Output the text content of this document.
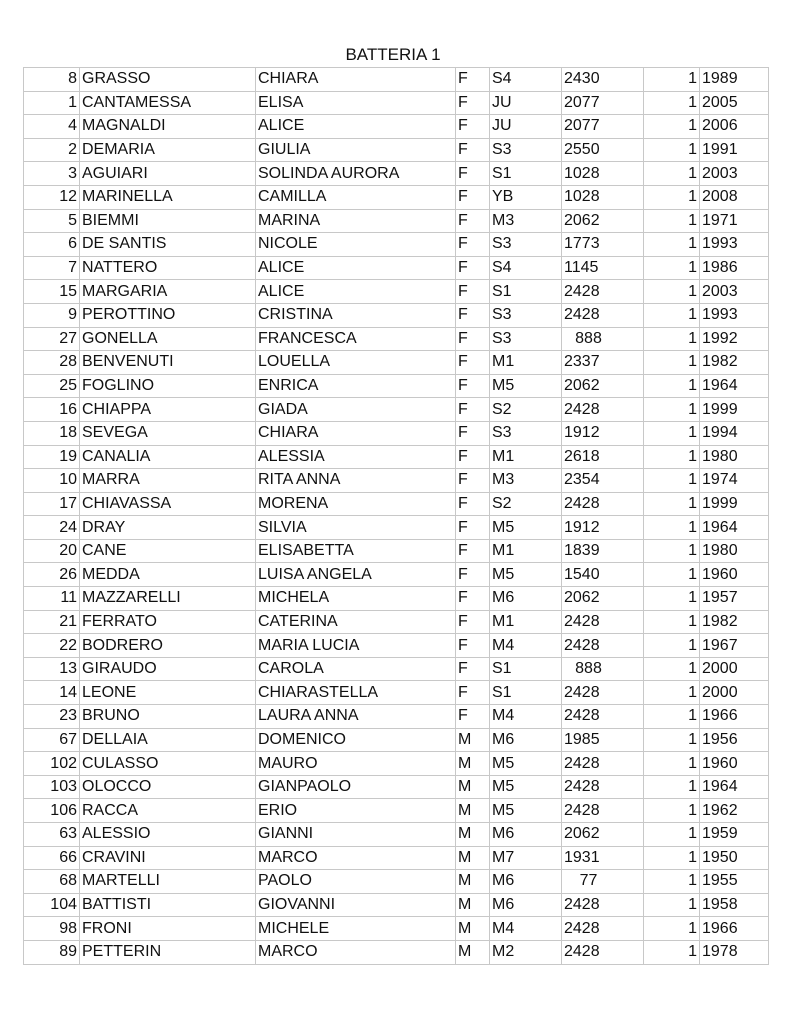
BATTERIA 1
8	GRASSO	CHIARA	F	S4	2430	1	1989
1	CANTAMESSA	ELISA	F	JU	2077	1	2005
4	MAGNALDI	ALICE	F	JU	2077	1	2006
2	DEMARIA	GIULIA	F	S3	2550	1	1991
3	AGUIARI	SOLINDA AURORA	F	S1	1028	1	2003
12	MARINELLA	CAMILLA	F	YB	1028	1	2008
5	BIEMMI	MARINA	F	M3	2062	1	1971
6	DE SANTIS	NICOLE	F	S3	1773	1	1993
7	NATTERO	ALICE	F	S4	1145	1	1986
15	MARGARIA	ALICE	F	S1	2428	1	2003
9	PEROTTINO	CRISTINA	F	S3	2428	1	1993
27	GONELLA	FRANCESCA	F	S3	888	1	1992
28	BENVENUTI	LOUELLA	F	M1	2337	1	1982
25	FOGLINO	ENRICA	F	M5	2062	1	1964
16	CHIAPPA	GIADA	F	S2	2428	1	1999
18	SEVEGA	CHIARA	F	S3	1912	1	1994
19	CANALIA	ALESSIA	F	M1	2618	1	1980
10	MARRA	RITA ANNA	F	M3	2354	1	1974
17	CHIAVASSA	MORENA	F	S2	2428	1	1999
24	DRAY	SILVIA	F	M5	1912	1	1964
20	CANE	ELISABETTA	F	M1	1839	1	1980
26	MEDDA	LUISA ANGELA	F	M5	1540	1	1960
11	MAZZARELLI	MICHELA	F	M6	2062	1	1957
21	FERRATO	CATERINA	F	M1	2428	1	1982
22	BODRERO	MARIA LUCIA	F	M4	2428	1	1967
13	GIRAUDO	CAROLA	F	S1	888	1	2000
14	LEONE	CHIARASTELLA	F	S1	2428	1	2000
23	BRUNO	LAURA ANNA	F	M4	2428	1	1966
67	DELLAIA	DOMENICO	M	M6	1985	1	1956
102	CULASSO	MAURO	M	M5	2428	1	1960
103	OLOCCO	GIANPAOLO	M	M5	2428	1	1964
106	RACCA	ERIO	M	M5	2428	1	1962
63	ALESSIO	GIANNI	M	M6	2062	1	1959
66	CRAVINI	MARCO	M	M7	1931	1	1950
68	MARTELLI	PAOLO	M	M6	77	1	1955
104	BATTISTI	GIOVANNI	M	M6	2428	1	1958
98	FRONI	MICHELE	M	M4	2428	1	1966
89	PETTERIN	MARCO	M	M2	2428	1	1978
